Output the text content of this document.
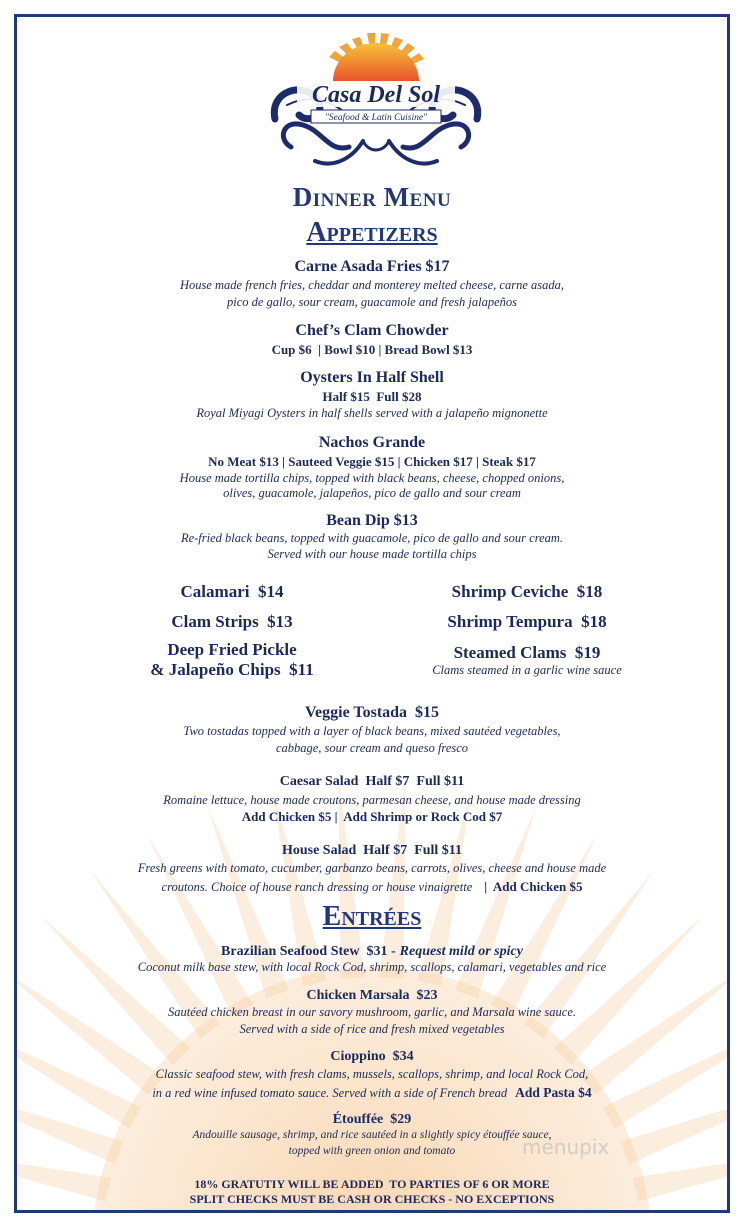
Casa Del Sol
"Seafood & Latin Cuisine"
Dinner Menu
Appetizers
Carne Asada Fries $17
House made french fries, cheddar and monterey melted cheese, carne asada,
pico de gallo, sour cream, guacamole and fresh jalapeños
Chef’s Clam Chowder
Cup $6  | Bowl $10 | Bread Bowl $13
Oysters In Half Shell
Half $15  Full $28
Royal Miyagi Oysters in half shells served with a jalapeño mignonette
Nachos Grande
No Meat $13 | Sauteed Veggie $15 | Chicken $17 | Steak $17
House made tortilla chips, topped with black beans, cheese, chopped onions,
olives, guacamole, jalapeños, pico de gallo and sour cream
Bean Dip $13
Re-fried black beans, topped with guacamole, pico de gallo and sour cream.
Served with our house made tortilla chips
Calamari  $14
Clam Strips  $13
Deep Fried Pickle
& Jalapeño Chips  $11
Shrimp Ceviche  $18
Shrimp Tempura  $18
Steamed Clams  $19
Clams steamed in a garlic wine sauce
Veggie Tostada  $15
Two tostadas topped with a layer of black beans, mixed sautéed vegetables,
cabbage, sour cream and queso fresco
Caesar Salad  Half $7  Full $11
Romaine lettuce, house made croutons, parmesan cheese, and house made dressing
Add Chicken $5 |  Add Shrimp or Rock Cod $7
House Salad  Half $7  Full $11
Fresh greens with tomato, cucumber, garbanzo beans, carrots, olives, cheese and house made
croutons. Choice of house ranch dressing or house vinaigrette |  Add Chicken $5
Entrées
Brazilian Seafood Stew  $31 - Request mild or spicy
Coconut milk base stew, with local Rock Cod, shrimp, scallops, calamari, vegetables and rice
Chicken Marsala  $23
Sautéed chicken breast in our savory mushroom, garlic, and Marsala wine sauce.
Served with a side of rice and fresh mixed vegetables
Cioppino  $34
Classic seafood stew, with fresh clams, mussels, scallops, shrimp, and local Rock Cod,
in a red wine infused tomato sauce. Served with a side of French bread Add Pasta $4
Étouffée  $29
Andouille sausage, shrimp, and rice sautéed in a slightly spicy étouffée sauce,
topped with green onion and tomato	menupix
18% GRATUTIY WILL BE ADDED  TO PARTIES OF 6 OR MORE
SPLIT CHECKS MUST BE CASH OR CHECKS - NO EXCEPTIONS
